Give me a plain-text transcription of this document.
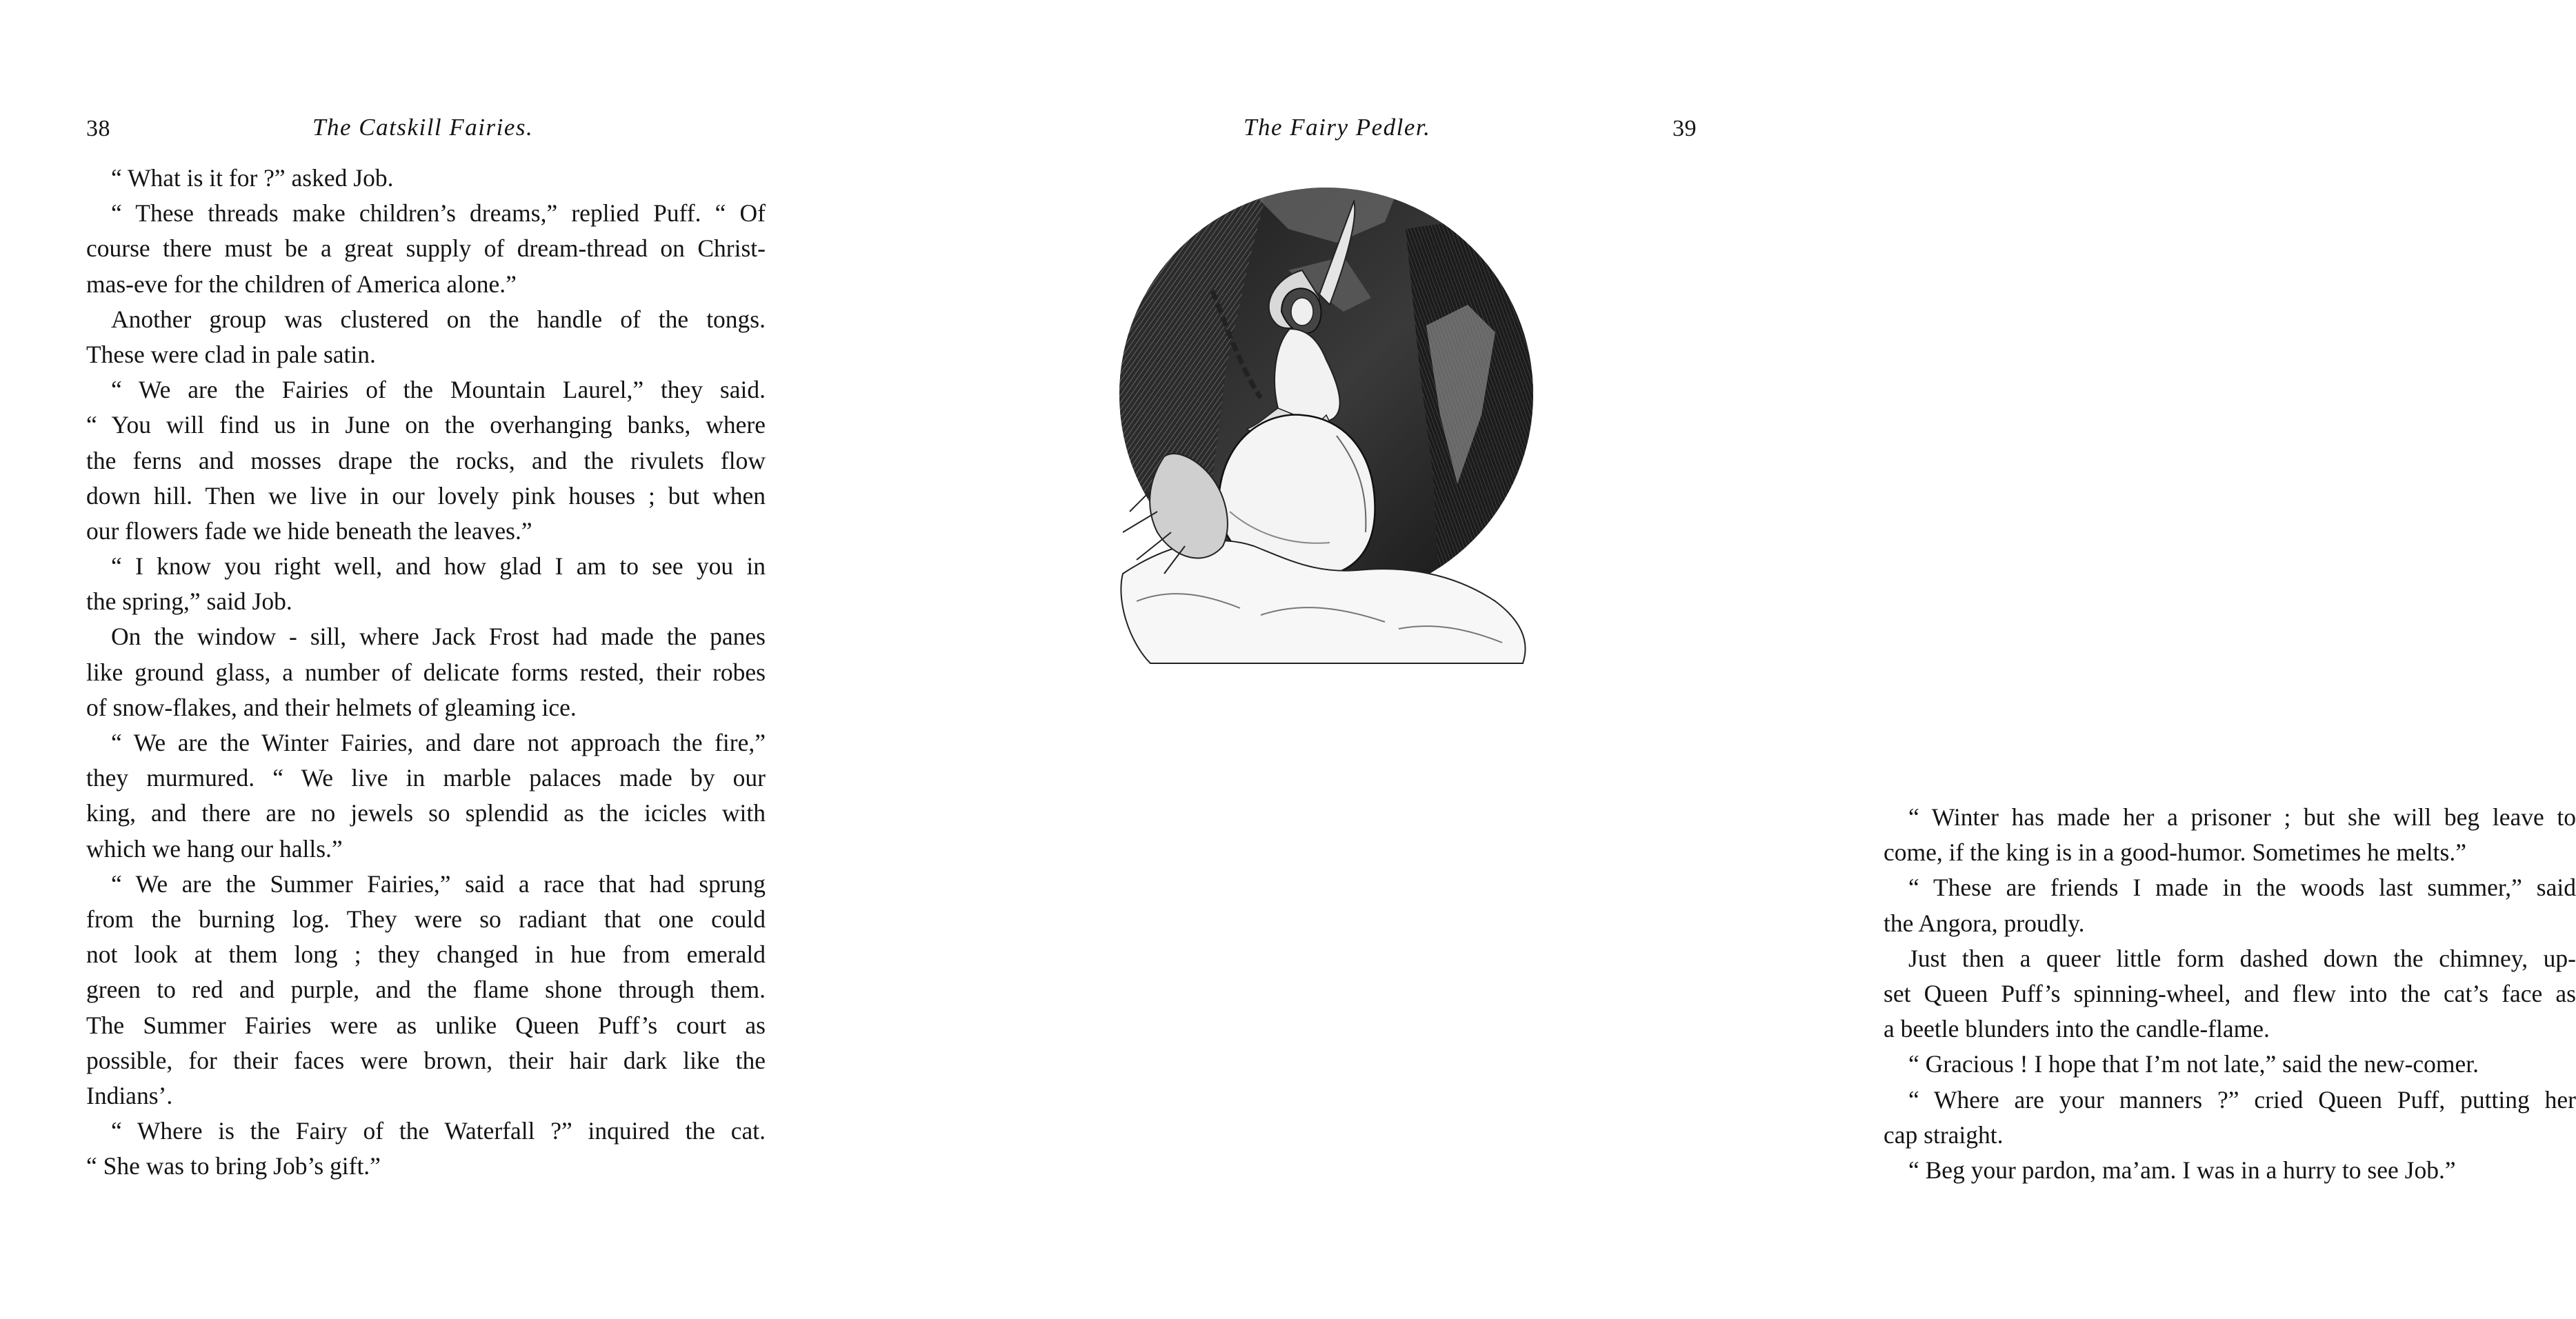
38	The Catskill Fairies.
“ What is it for ?” asked Job.
“ These threads make children’s dreams,” replied Puff. “ Of
course there must be a great supply of dream-thread on Christ-
mas-eve for the children of America alone.”
Another group was clustered on the handle of the tongs.
These were clad in pale satin.
“ We are the Fairies of the Mountain Laurel,” they said.
“ You will find us in June on the overhanging banks, where
the ferns and mosses drape the rocks, and the rivulets flow
down hill. Then we live in our lovely pink houses ; but when
our flowers fade we hide beneath the leaves.”
“ I know you right well, and how glad I am to see you in
the spring,” said Job.
On the window - sill, where Jack Frost had made the panes
like ground glass, a number of delicate forms rested, their robes
of snow-flakes, and their helmets of gleaming ice.
“ We are the Winter Fairies, and dare not approach the fire,”
they murmured. “ We live in marble palaces made by our
king, and there are no jewels so splendid as the icicles with
which we hang our halls.”
“ We are the Summer Fairies,” said a race that had sprung
from the burning log. They were so radiant that one could
not look at them long ; they changed in hue from emerald
green to red and purple, and the flame shone through them.
The Summer Fairies were as unlike Queen Puff’s court as
possible, for their faces were brown, their hair dark like the
Indians’.
“ Where is the Fairy of the Waterfall ?” inquired the cat.
“ She was to bring Job’s gift.”
The Fairy Pedler.	39
“ Winter has made her a prisoner ; but she will beg leave to
come, if the king is in a good-humor. Sometimes he melts.”
“ These are friends I made in the woods last summer,” said
the Angora, proudly.
Just then a queer little form dashed down the chimney, up-
set Queen Puff’s spinning-wheel, and flew into the cat’s face as
a beetle blunders into the candle-flame.
“ Gracious ! I hope that I’m not late,” said the new-comer.
“ Where are your manners ?” cried Queen Puff, putting her
cap straight.
“ Beg your pardon, ma’am. I was in a hurry to see Job.”
